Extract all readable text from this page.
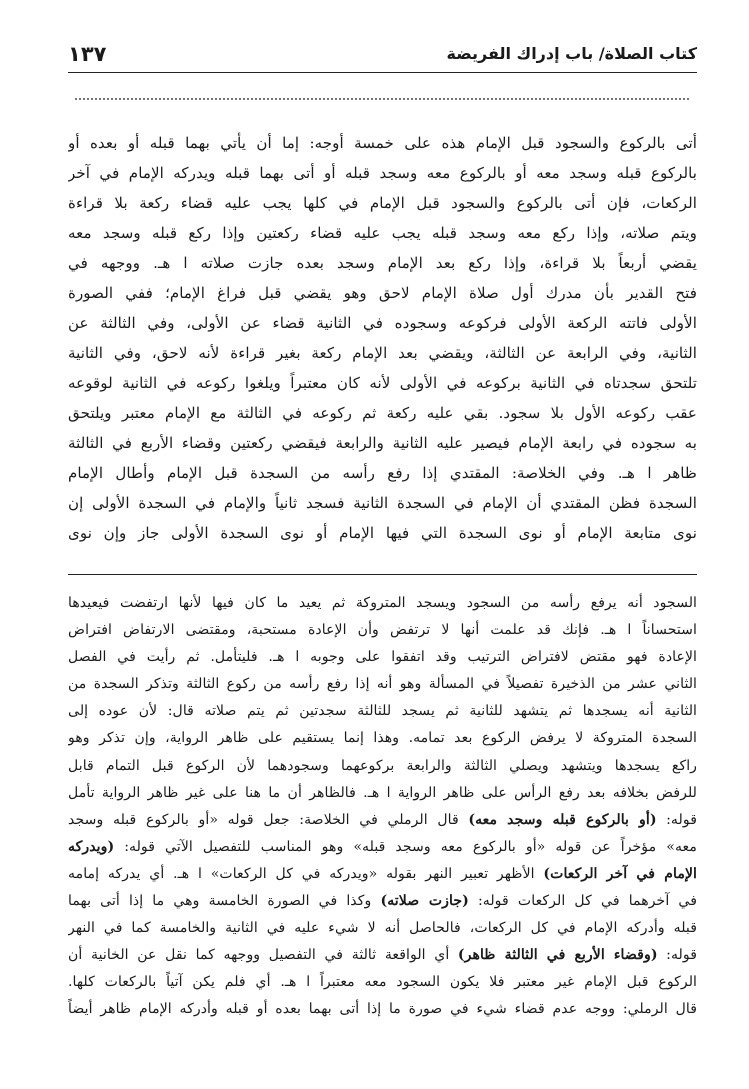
كتاب الصلاة/ باب إدراك الفريضة
١٣٧
أتى بالركوع والسجود قبل الإمام هذه على خمسة أوجه: إما أن يأتي بهما قبله أو بعده أو
بالركوع قبله وسجد معه أو بالركوع معه وسجد قبله أو أتى بهما قبله ويدركه الإمام في آخر
الركعات، فإن أتى بالركوع والسجود قبل الإمام في كلها يجب عليه قضاء ركعة بلا قراءة
ويتم صلاته، وإذا ركع معه وسجد قبله يجب عليه قضاء ركعتين وإذا ركع قبله وسجد معه
يقضي أربعاً بلا قراءة، وإذا ركع بعد الإمام وسجد بعده جازت صلاته ا هـ. ووجهه في
فتح القدير بأن مدرك أول صلاة الإمام لاحق وهو يقضي قبل فراغ الإمام؛ ففي الصورة
الأولى فاتته الركعة الأولى فركوعه وسجوده في الثانية قضاء عن الأولى، وفي الثالثة عن
الثانية، وفي الرابعة عن الثالثة، ويقضي بعد الإمام ركعة بغير قراءة لأنه لاحق، وفي الثانية
تلتحق سجدتاه في الثانية بركوعه في الأولى لأنه كان معتبراً ويلغوا ركوعه في الثانية لوقوعه
عقب ركوعه الأول بلا سجود. بقي عليه ركعة ثم ركوعه في الثالثة مع الإمام معتبر ويلتحق
به سجوده في رابعة الإمام فيصير عليه الثانية والرابعة فيقضي ركعتين وقضاء الأربع في الثالثة
ظاهر ا هـ. وفي الخلاصة: المقتدي إذا رفع رأسه من السجدة قبل الإمام وأطال الإمام
السجدة فظن المقتدي أن الإمام في السجدة الثانية فسجد ثانياً والإمام في السجدة الأولى إن
نوى متابعة الإمام أو نوى السجدة التي فيها الإمام أو نوى السجدة الأولى جاز وإن نوى
السجود أنه يرفع رأسه من السجود ويسجد المتروكة ثم يعيد ما كان فيها لأنها ارتفضت فيعيدها
استحساناً ا هـ. فإنك قد علمت أنها لا ترتفض وأن الإعادة مستحبة، ومقتضى الارتفاض افتراض
الإعادة فهو مقتض لافتراض الترتيب وقد اتفقوا على وجوبه ا هـ. فليتأمل. ثم رأيت في الفصل
الثاني عشر من الذخيرة تفصيلاً في المسألة وهو أنه إذا رفع رأسه من ركوع الثالثة وتذكر السجدة من
الثانية أنه يسجدها ثم يتشهد للثانية ثم يسجد للثالثة سجدتين ثم يتم صلاته قال: لأن عوده إلى
السجدة المتروكة لا يرفض الركوع بعد تمامه. وهذا إنما يستقيم على ظاهر الرواية، وإن تذكر وهو
راكع يسجدها ويتشهد ويصلي الثالثة والرابعة بركوعهما وسجودهما لأن الركوع قبل التمام قابل
للرفض بخلافه بعد رفع الرأس على ظاهر الرواية ا هـ. فالظاهر أن ما هنا على غير ظاهر الرواية تأمل
قوله: (أو بالركوع قبله وسجد معه) قال الرملي في الخلاصة: جعل قوله «أو بالركوع قبله وسجد
معه» مؤخراً عن قوله «أو بالركوع معه وسجد قبله» وهو المناسب للتفصيل الآتي قوله: (ويدركه
الإمام في آخر الركعات) الأظهر تعبير النهر بقوله «ويدركه في كل الركعات» ا هـ. أي يدركه إمامه
في آخرهما في كل الركعات قوله: (جازت صلاته) وكذا في الصورة الخامسة وهي ما إذا أتى بهما
قبله وأدركه الإمام في كل الركعات، فالحاصل أنه لا شيء عليه في الثانية والخامسة كما في النهر
قوله: (وقضاء الأربع في الثالثة ظاهر) أي الواقعة ثالثة في التفصيل ووجهه كما نقل عن الخانية أن
الركوع قبل الإمام غير معتبر فلا يكون السجود معه معتبراً ا هـ. أي فلم يكن آتياً بالركعات كلها.
قال الرملي: ووجه عدم قضاء شيء في صورة ما إذا أتى بهما بعده أو قبله وأدركه الإمام ظاهر أيضاً
